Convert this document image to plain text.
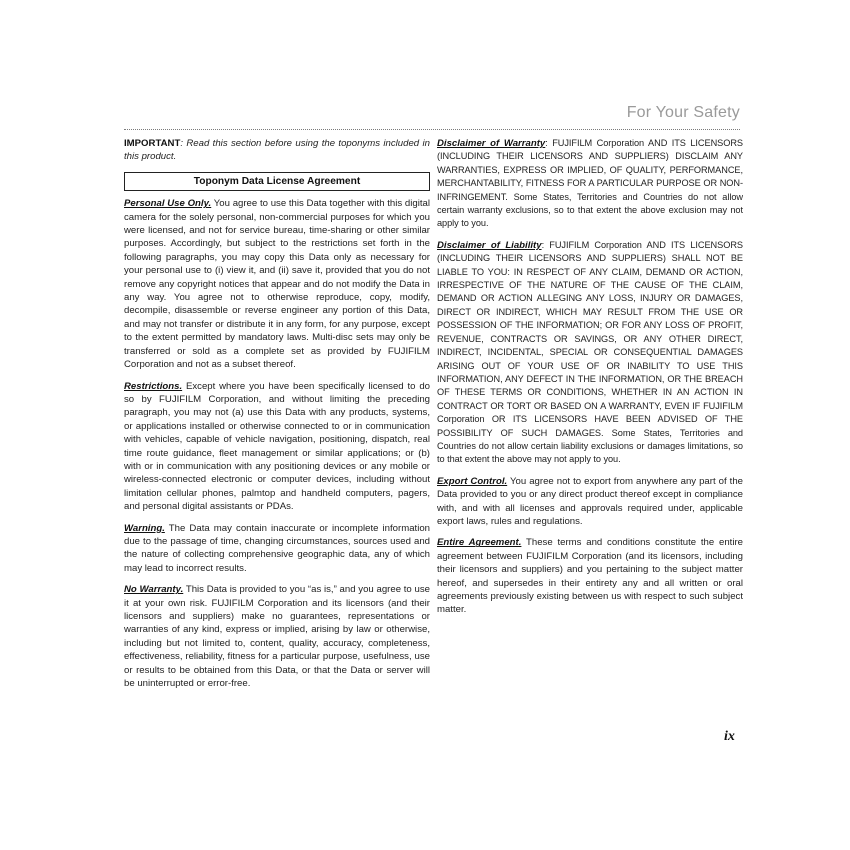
For Your Safety

IMPORTANT: Read this section before using the toponyms included in this product.

Toponym Data License Agreement

Personal Use Only. You agree to use this Data together with this digital camera for the solely personal, non-commercial purposes for which you were licensed, and not for service bureau, time-sharing or other similar purposes. Accordingly, but subject to the restrictions set forth in the following paragraphs, you may copy this Data only as necessary for your personal use to (i) view it, and (ii) save it, provided that you do not remove any copyright notices that appear and do not modify the Data in any way. You agree not to otherwise reproduce, copy, modify, decompile, disassemble or reverse engineer any portion of this Data, and may not transfer or distribute it in any form, for any purpose, except to the extent permitted by mandatory laws. Multi-disc sets may only be transferred or sold as a complete set as provided by FUJIFILM Corporation and not as a subset thereof.

Restrictions. Except where you have been specifically licensed to do so by FUJIFILM Corporation, and without limiting the preceding paragraph, you may not (a) use this Data with any products, systems, or applications installed or otherwise connected to or in communication with vehicles, capable of vehicle navigation, positioning, dispatch, real time route guidance, fleet management or similar applications; or (b) with or in communication with any positioning devices or any mobile or wireless-connected electronic or computer devices, including without limitation cellular phones, palmtop and handheld computers, pagers, and personal digital assistants or PDAs.

Warning. The Data may contain inaccurate or incomplete information due to the passage of time, changing circumstances, sources used and the nature of collecting comprehensive geographic data, any of which may lead to incorrect results.

No Warranty. This Data is provided to you “as is,” and you agree to use it at your own risk. FUJIFILM Corporation and its licensors (and their licensors and suppliers) make no guarantees, representations or warranties of any kind, express or implied, arising by law or otherwise, including but not limited to, content, quality, accuracy, completeness, effectiveness, reliability, fitness for a particular purpose, usefulness, use or results to be obtained from this Data, or that the Data or server will be uninterrupted or error-free.

Disclaimer of Warranty: FUJIFILM Corporation AND ITS LICENSORS (INCLUDING THEIR LICENSORS AND SUPPLIERS) DISCLAIM ANY WARRANTIES, EXPRESS OR IMPLIED, OF QUALITY, PERFORMANCE, MERCHANTABILITY, FITNESS FOR A PARTICULAR PURPOSE OR NON-INFRINGEMENT. Some States, Territories and Countries do not allow certain warranty exclusions, so to that extent the above exclusion may not apply to you.

Disclaimer of Liability: FUJIFILM Corporation AND ITS LICENSORS (INCLUDING THEIR LICENSORS AND SUPPLIERS) SHALL NOT BE LIABLE TO YOU: IN RESPECT OF ANY CLAIM, DEMAND OR ACTION, IRRESPECTIVE OF THE NATURE OF THE CAUSE OF THE CLAIM, DEMAND OR ACTION ALLEGING ANY LOSS, INJURY OR DAMAGES, DIRECT OR INDIRECT, WHICH MAY RESULT FROM THE USE OR POSSESSION OF THE INFORMATION; OR FOR ANY LOSS OF PROFIT, REVENUE, CONTRACTS OR SAVINGS, OR ANY OTHER DIRECT, INDIRECT, INCIDENTAL, SPECIAL OR CONSEQUENTIAL DAMAGES ARISING OUT OF YOUR USE OF OR INABILITY TO USE THIS INFORMATION, ANY DEFECT IN THE INFORMATION, OR THE BREACH OF THESE TERMS OR CONDITIONS, WHETHER IN AN ACTION IN CONTRACT OR TORT OR BASED ON A WARRANTY, EVEN IF FUJIFILM Corporation OR ITS LICENSORS HAVE BEEN ADVISED OF THE POSSIBILITY OF SUCH DAMAGES. Some States, Territories and Countries do not allow certain liability exclusions or damages limitations, so to that extent the above may not apply to you.

Export Control. You agree not to export from anywhere any part of the Data provided to you or any direct product thereof except in compliance with, and with all licenses and approvals required under, applicable export laws, rules and regulations.

Entire Agreement. These terms and conditions constitute the entire agreement between FUJIFILM Corporation (and its licensors, including their licensors and suppliers) and you pertaining to the subject matter hereof, and supersedes in their entirety any and all written or oral agreements previously existing between us with respect to such subject matter.

ix
